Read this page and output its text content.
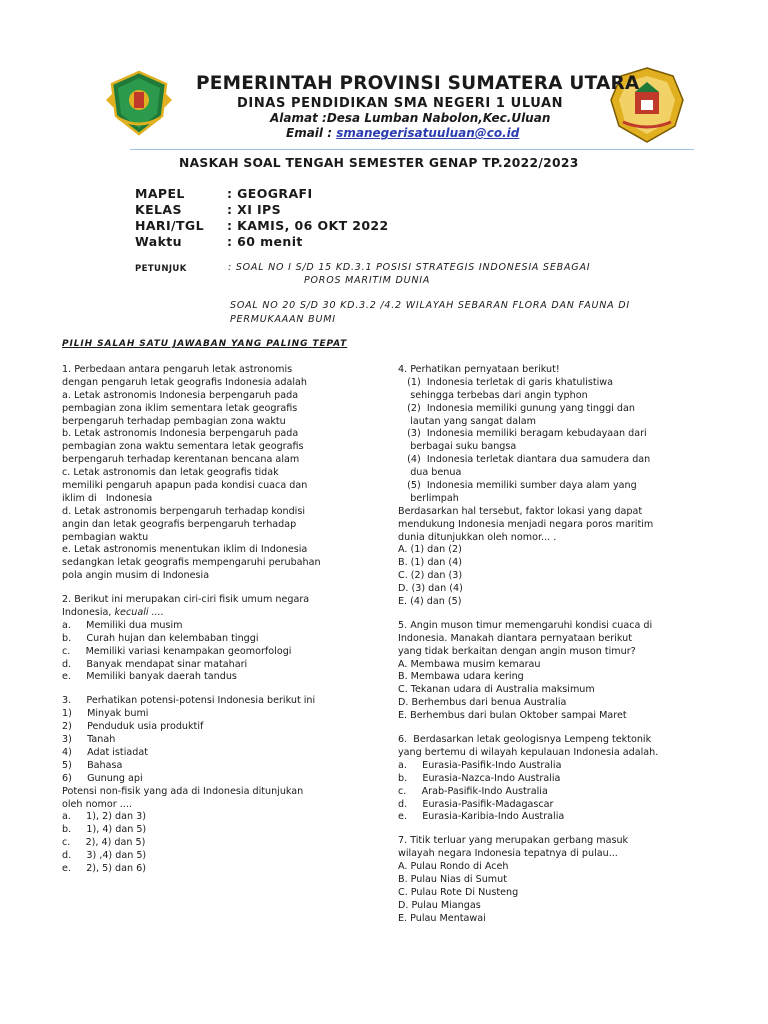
PEMERINTAH PROVINSI SUMATERA UTARA
DINAS PENDIDIKAN SMA NEGERI 1 ULUAN
Alamat :Desa Lumban Nabolon,Kec.Uluan
Email : smanegerisatuuluan@co.id
NASKAH SOAL TENGAH SEMESTER GENAP TP.2022/2023
MAPEL	: GEOGRAFI
KELAS	: XI IPS
HARI/TGL : KAMIS, 06 OKT 2022
Waktu	: 60 menit
PETUNJUK	: SOAL NO I S/D 15 KD.3.1 POSISI STRATEGIS INDONESIA SEBAGAI
POROS MARITIM DUNIA
SOAL NO 20 S/D 30 KD.3.2 /4.2 WILAYAH SEBARAN FLORA DAN FAUNA DI
PERMUKAAAN BUMI
PILIH SALAH SATU JAWABAN YANG PALING TEPAT
1. Perbedaan antara pengaruh letak astronomis
dengan pengaruh letak geografis Indonesia adalah
a. Letak astronomis Indonesia berpengaruh pada
pembagian zona iklim sementara letak geografis
berpengaruh terhadap pembagian zona waktu
b. Letak astronomis Indonesia berpengaruh pada
pembagian zona waktu sementara letak geografis
berpengaruh terhadap kerentanan bencana alam
c. Letak astronomis dan letak geografis tidak
memiliki pengaruh apapun pada kondisi cuaca dan
iklim di   Indonesia
d. Letak astronomis berpengaruh terhadap kondisi
angin dan letak geografis berpengaruh terhadap
pembagian waktu
e. Letak astronomis menentukan iklim di Indonesia
sedangkan letak geografis mempengaruhi perubahan
pola angin musim di Indonesia
2. Berikut ini merupakan ciri-ciri fisik umum negara
Indonesia, kecuali ....
a.     Memiliki dua musim
b.     Curah hujan dan kelembaban tinggi
c.     Memiliki variasi kenampakan geomorfologi
d.     Banyak mendapat sinar matahari
e.     Memiliki banyak daerah tandus
3.     Perhatikan potensi-potensi Indonesia berikut ini
1)     Minyak bumi
2)     Penduduk usia produktif
3)     Tanah
4)     Adat istiadat
5)     Bahasa
6)     Gunung api
Potensi non-fisik yang ada di Indonesia ditunjukan
oleh nomor ....
a.     1), 2) dan 3)
b.     1), 4) dan 5)
c.     2), 4) dan 5)
d.     3) ,4) dan 5)
e.     2), 5) dan 6)
4. Perhatikan pernyataan berikut!
(1)  Indonesia terletak di garis khatulistiwa
sehingga terbebas dari angin typhon
(2)  Indonesia memiliki gunung yang tinggi dan
lautan yang sangat dalam
(3)  Indonesia memiliki beragam kebudayaan dari
berbagai suku bangsa
(4)  Indonesia terletak diantara dua samudera dan
dua benua
(5)  Indonesia memiliki sumber daya alam yang
berlimpah
Berdasarkan hal tersebut, faktor lokasi yang dapat
mendukung Indonesia menjadi negara poros maritim
dunia ditunjukkan oleh nomor... .
A. (1) dan (2)
B. (1) dan (4)
C. (2) dan (3)
D. (3) dan (4)
E. (4) dan (5)
5. Angin muson timur memengaruhi kondisi cuaca di
Indonesia. Manakah diantara pernyataan berikut
yang tidak berkaitan dengan angin muson timur?
A. Membawa musim kemarau
B. Membawa udara kering
C. Tekanan udara di Australia maksimum
D. Berhembus dari benua Australia
E. Berhembus dari bulan Oktober sampai Maret
6.  Berdasarkan letak geologisnya Lempeng tektonik
yang bertemu di wilayah kepulauan Indonesia adalah.
a.     Eurasia-Pasifik-Indo Australia
b.     Eurasia-Nazca-Indo Australia
c.     Arab-Pasifik-Indo Australia
d.     Eurasia-Pasifik-Madagascar
e.     Eurasia-Karibia-Indo Australia
7. Titik terluar yang merupakan gerbang masuk
wilayah negara Indonesia tepatnya di pulau...
A. Pulau Rondo di Aceh
B. Pulau Nias di Sumut
C. Pulau Rote Di Nusteng
D. Pulau Miangas
E. Pulau Mentawai
